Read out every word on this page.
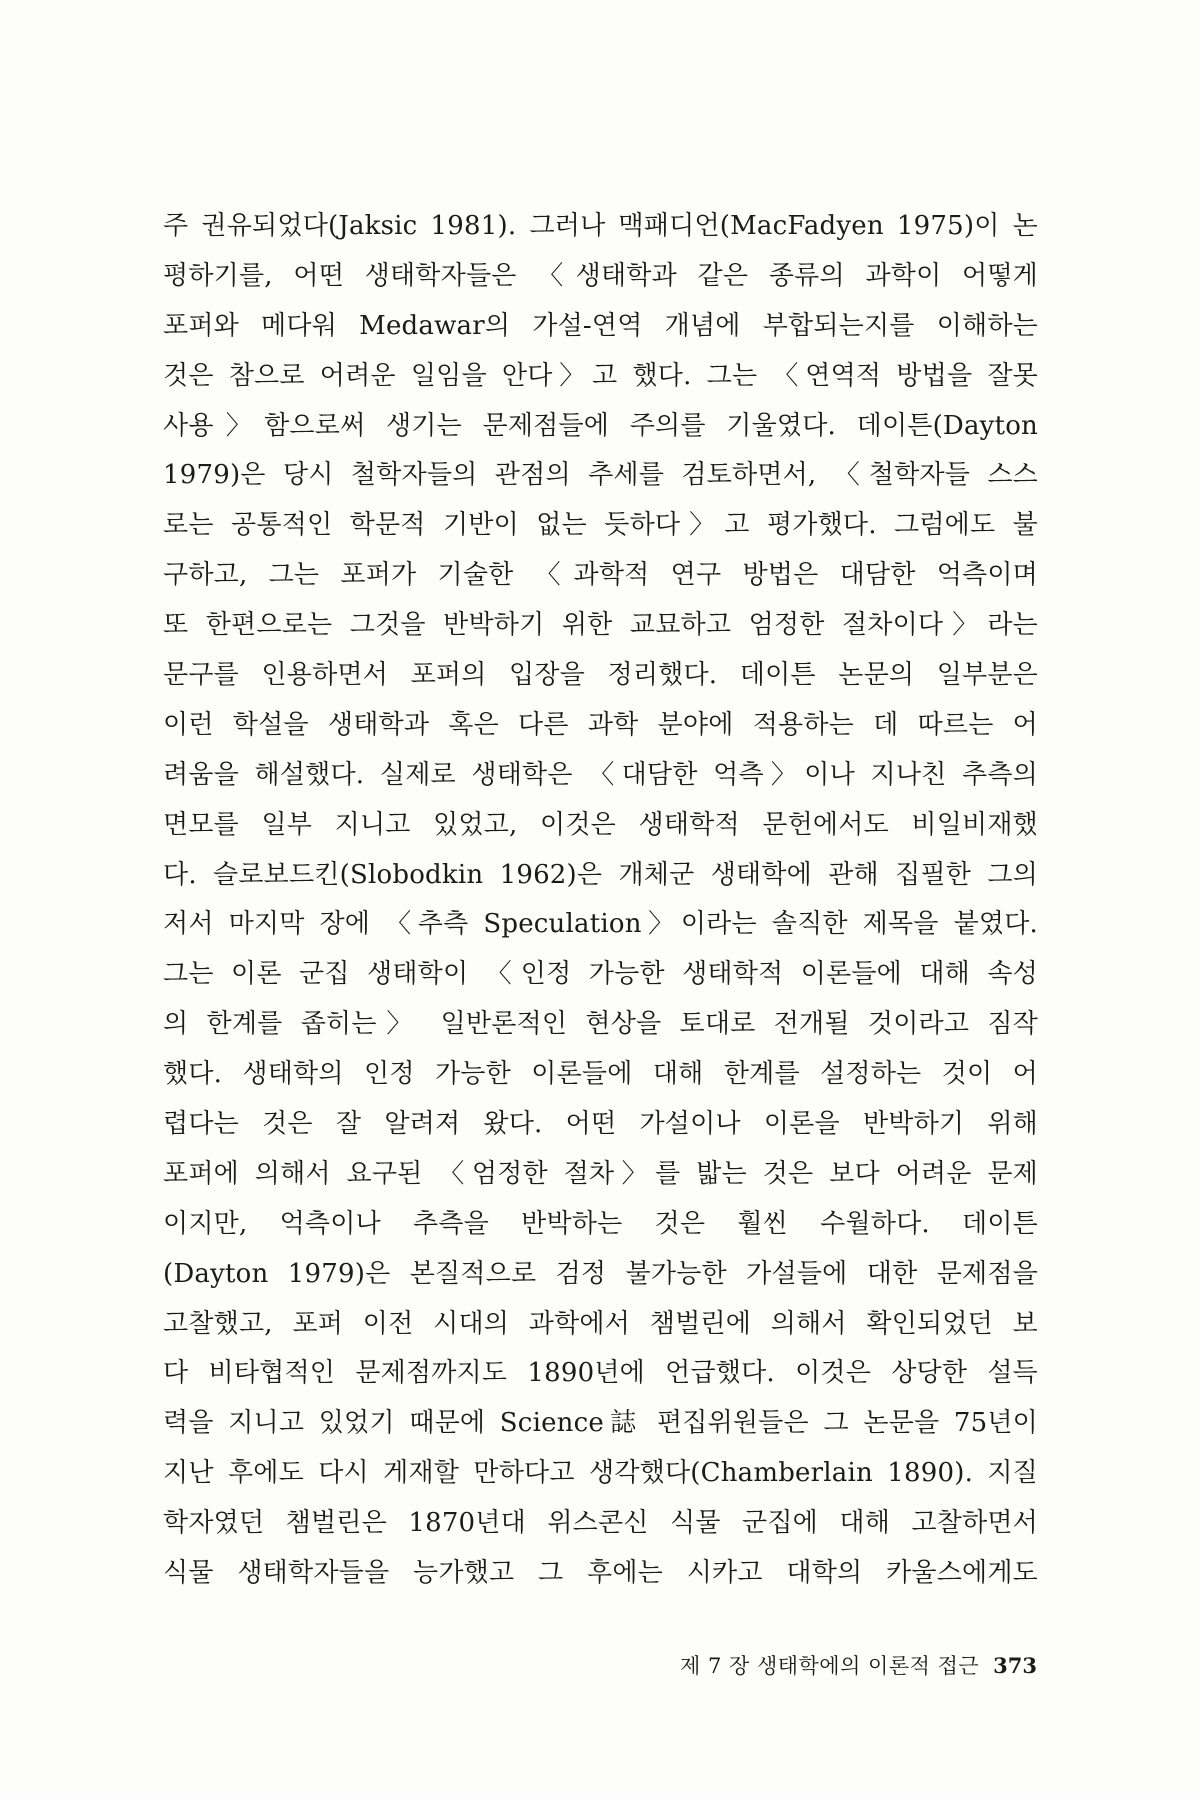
주 권유되었다(Jaksic 1981). 그러나 맥패디언(MacFadyen 1975)이 논
평하기를, 어떤 생태학자들은 〈생태학과 같은 종류의 과학이 어떻게
포퍼와 메다워 Medawar의 가설-연역 개념에 부합되는지를 이해하는
것은 참으로 어려운 일임을 안다〉고 했다. 그는 〈연역적 방법을 잘못
사용〉함으로써 생기는 문제점들에 주의를 기울였다. 데이튼(Dayton
1979)은 당시 철학자들의 관점의 추세를 검토하면서, 〈철학자들 스스
로는 공통적인 학문적 기반이 없는 듯하다〉고 평가했다. 그럼에도 불
구하고, 그는 포퍼가 기술한 〈과학적 연구 방법은 대담한 억측이며
또 한편으로는 그것을 반박하기 위한 교묘하고 엄정한 절차이다〉라는
문구를 인용하면서 포퍼의 입장을 정리했다. 데이튼 논문의 일부분은
이런 학설을 생태학과 혹은 다른 과학 분야에 적용하는 데 따르는 어
려움을 해설했다. 실제로 생태학은 〈대담한 억측〉이나 지나친 추측의
면모를 일부 지니고 있었고, 이것은 생태학적 문헌에서도 비일비재했
다. 슬로보드킨(Slobodkin 1962)은 개체군 생태학에 관해 집필한 그의
저서 마지막 장에 〈추측 Speculation〉이라는 솔직한 제목을 붙였다.
그는 이론 군집 생태학이 〈인정 가능한 생태학적 이론들에 대해 속성
의 한계를 좁히는〉 일반론적인 현상을 토대로 전개될 것이라고 짐작
했다. 생태학의 인정 가능한 이론들에 대해 한계를 설정하는 것이 어
렵다는 것은 잘 알려져 왔다. 어떤 가설이나 이론을 반박하기 위해
포퍼에 의해서 요구된 〈엄정한 절차〉를 밟는 것은 보다 어려운 문제
이지만, 억측이나 추측을 반박하는 것은 훨씬 수월하다. 데이튼
(Dayton 1979)은 본질적으로 검정 불가능한 가설들에 대한 문제점을
고찰했고, 포퍼 이전 시대의 과학에서 챔벌린에 의해서 확인되었던 보
다 비타협적인 문제점까지도 1890년에 언급했다. 이것은 상당한 설득
력을 지니고 있었기 때문에 Science誌 편집위원들은 그 논문을 75년이
지난 후에도 다시 게재할 만하다고 생각했다(Chamberlain 1890). 지질
학자였던 챔벌린은 1870년대 위스콘신 식물 군집에 대해 고찰하면서
식물 생태학자들을 능가했고 그 후에는 시카고 대학의 카울스에게도
제 7 장 생태학에의 이론적 접근 373
